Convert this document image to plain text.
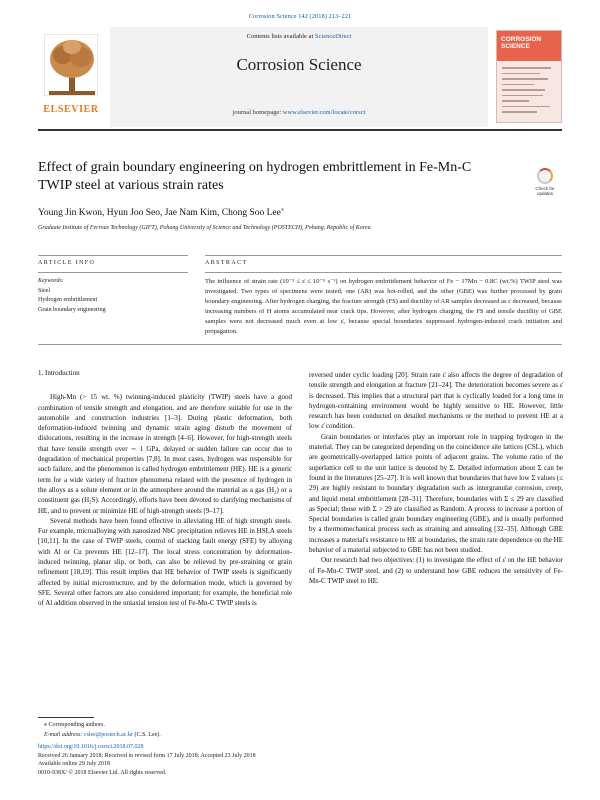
Corrosion Science 142 (2018) 213–221
ELSEVIER
Contents lists available at ScienceDirect
Corrosion Science
journal homepage: www.elsevier.com/locate/corsci
CORROSION SCIENCE
Effect of grain boundary engineering on hydrogen embrittlement in Fe-Mn-C TWIP steel at various strain rates	Check for updates
Young Jin Kwon, Hyun Joo Seo, Jae Nam Kim, Chong Soo Lee⁎
Graduate Institute of Ferrous Technology (GIFT), Pohang University of Science and Technology (POSTECH), Pohang, Republic of Korea
ARTICLE INFO	ABSTRACT
Keywords:
Steel
Hydrogen embrittlement
Grain boundary engineering
The influence of strain rate (10⁻³ ≤ ε̇ ≤ 10⁻⁵ s⁻¹) on hydrogen embrittlement behavior of Fe − 17Mn − 0.8C (wt.%) TWIP steel was investigated. Two types of specimens were tested; one (AR) was hot-rolled, and the other (GBE) was further processed by grain boundary engineering. After hydrogen charging, the fracture strength (FS) and ductility of AR samples decreased as ε̇ decreased, because increasing numbers of H atoms accumulated near crack tips. However, after hydrogen charging, the FS and tensile ductility of GBE samples were not decreased much even at low ε̇, because special boundaries suppressed hydrogen-induced crack initiation and propagation.
1. Introduction

High-Mn (> 15 wt. %) twinning-induced plasticity (TWIP) steels have a good combination of tensile strength and elongation, and are therefore suitable for use in the automobile and construction industries [1–3]. During plastic deformation, both deformation-induced twinning and dynamic strain aging disturb the movement of dislocations, resulting in the increase in strength [4–6]. However, for high-strength steels that have tensile strength over ∼ 1 GPa, delayed or sudden failure can occur due to degradation of mechanical properties [7,8]. In most cases, hydrogen was responsible for such failure, and the phenomenon is called hydrogen embrittlement (HE). HE is a generic term for a wide variety of fracture phenomena related with the presence of hydrogen in the alloys as a solute element or in the atmosphere around the material as a gas (H₂) or a constituent gas (H₂S). Accordingly, efforts have been devoted to clarifying mechanisms of HE, and to prevent or minimize HE of high-strength steels [9–17].

Several methods have been found effective in alleviating HE of high strength steels. For example, microalloying with nanosized NbC precipitation relieves HE in HSLA steels [10,11]. In the case of TWIP steels, control of stacking fault energy (SFE) by alloying with Al or Cu prevents HE [12–17]. The local stress concentration by deformation-induced twinning, planar slip, or both, can also be relieved by pre-straining or grain refinement [18,19]. This result implies that HE behavior of TWIP steels is significantly affected by initial microstructure, and by the deformation mode, which is governed by SFE. Several other factors are also considered important; for example, the beneficial role of Al addition observed in the uniaxial tension test of Fe-Mn-C TWIP steels is

reversed under cyclic loading [20]. Strain rate ε̇ also affects the degree of degradation of tensile strength and elongation at fracture [21–24]. The deterioration becomes severe as ε̇ is decreased. This implies that a structural part that is cyclically loaded for a long time in hydrogen-containing environment would be highly sensitive to HE. However, little research has been conducted on detailed mechanisms or the method to prevent HE at a low ε̇ condition.

Grain boundaries or interfaces play an important role in trapping hydrogen in the material. They can be categorized depending on the coincidence site lattices (CSL), which are geometrically-overlapped lattice points of adjacent grains. The volume ratio of the superlattice cell to the unit lattice is denoted by Σ. Detailed information about Σ can be found in the literatures [25–27]. It is well known that boundaries that have low Σ values (≤ 29) are highly resistant to boundary degradation such as intergranular corrosion, creep, and liquid metal embrittlement [28–31]. Therefore, boundaries with Σ ≤ 29 are classified as Special; those with Σ > 29 are classified as Random. A process to increase a portion of Special boundaries is called grain boundary engineering (GBE), and is usually performed by a thermomechanical process such as straining and annealing [32–35]. Although GBE increases a material's resistance to HE at boundaries, the strain rate dependence on the HE behavior of a material subjected to GBE has not been studied.

Our research had two objectives: (1) to investigate the effect of ε̇ on the HE behavior of Fe-Mn-C TWIP steel, and (2) to understand how GBE reduces the sensitivity of Fe-Mn-C TWIP steel to HE.

⁎ Corresponding authors.
E-mail address: cslee@postech.ac.kr (C.S. Lee).
https://doi.org/10.1016/j.corsci.2018.07.028
Received 26 January 2018; Received in revised form 17 July 2018; Accepted 23 July 2018
Available online 29 July 2018
0010-938X/ © 2018 Elsevier Ltd. All rights reserved.
